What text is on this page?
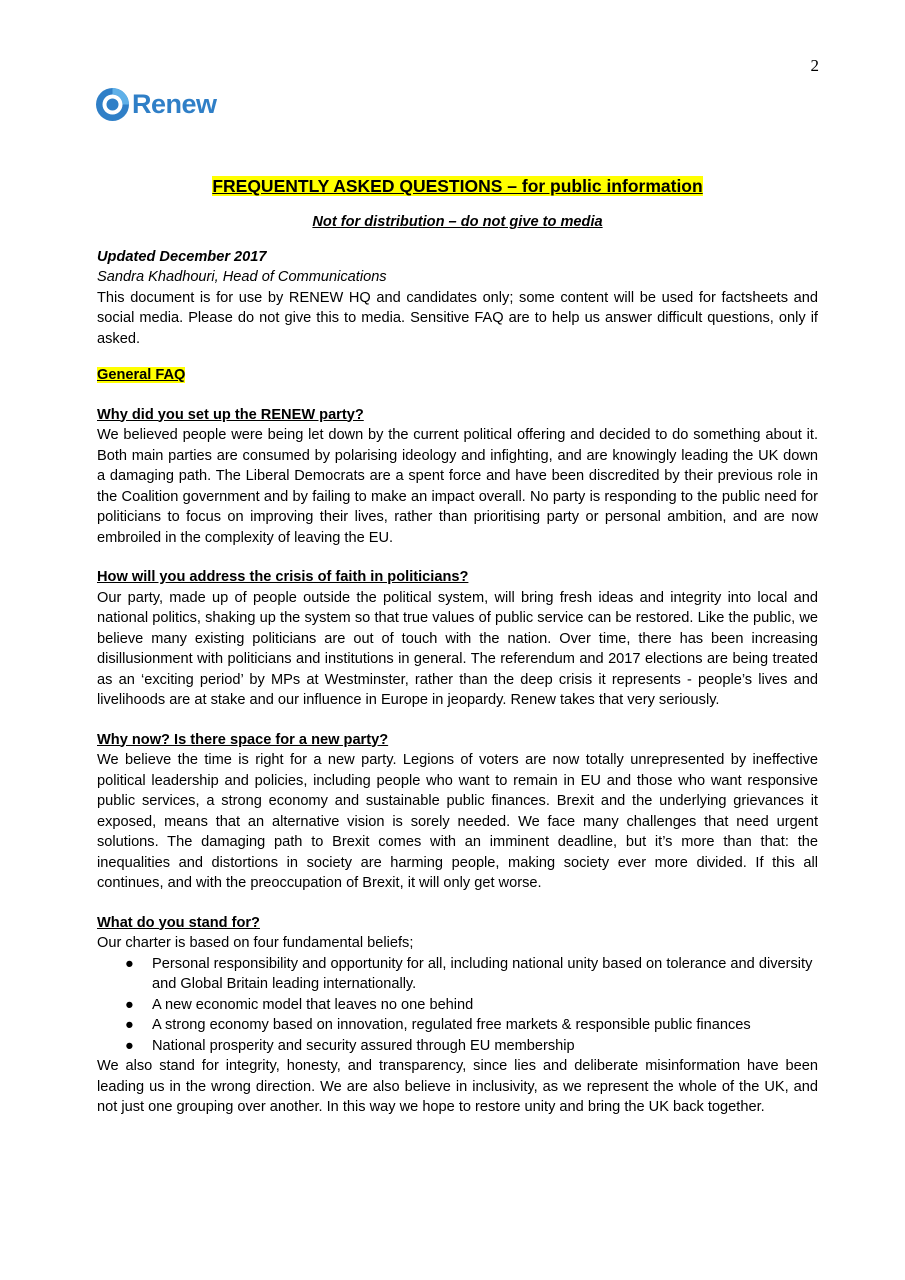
2
Renew
FREQUENTLY ASKED QUESTIONS – for public information
Not for distribution – do not give to media

Updated December 2017

Sandra Khadhouri, Head of Communications

This document is for use by RENEW HQ and candidates only; some content will be used for factsheets and social media. Please do not give this to media. Sensitive FAQ are to help us answer difficult questions, only if asked.

General FAQ

Why did you set up the RENEW party?

We believed people were being let down by the current political offering and decided to do something about it. Both main parties are consumed by polarising ideology and infighting, and are knowingly leading the UK down a damaging path. The Liberal Democrats are a spent force and have been discredited by their previous role in the Coalition government and by failing to make an impact overall. No party is responding to the public need for politicians to focus on improving their lives, rather than prioritising party or personal ambition, and are now embroiled in the complexity of leaving the EU.

How will you address the crisis of faith in politicians?

Our party, made up of people outside the political system, will bring fresh ideas and integrity into local and national politics, shaking up the system so that true values of public service can be restored. Like the public, we believe many existing politicians are out of touch with the nation. Over time, there has been increasing disillusionment with politicians and institutions in general. The referendum and 2017 elections are being treated as an ‘exciting period’ by MPs at Westminster, rather than the deep crisis it represents - people’s lives and livelihoods are at stake and our influence in Europe in jeopardy. Renew takes that very seriously.

Why now? Is there space for a new party?

We believe the time is right for a new party. Legions of voters are now totally unrepresented by ineffective political leadership and policies, including people who want to remain in EU and those who want responsive public services, a strong economy and sustainable public finances. Brexit and the underlying grievances it exposed, means that an alternative vision is sorely needed. We face many challenges that need urgent solutions. The damaging path to Brexit comes with an imminent deadline, but it’s more than that: the inequalities and distortions in society are harming people, making society ever more divided. If this all continues, and with the preoccupation of Brexit, it will only get worse.

What do you stand for?

Our charter is based on four fundamental beliefs;

●	Personal responsibility and opportunity for all, including national unity based on tolerance and diversity and Global Britain leading internationally.
●	A new economic model that leaves no one behind
●	A strong economy based on innovation, regulated free markets & responsible public finances
●	National prosperity and security assured through EU membership

We also stand for integrity, honesty, and transparency, since lies and deliberate misinformation have been leading us in the wrong direction. We are also believe in inclusivity, as we represent the whole of the UK, and not just one grouping over another. In this way we hope to restore unity and bring the UK back together.
